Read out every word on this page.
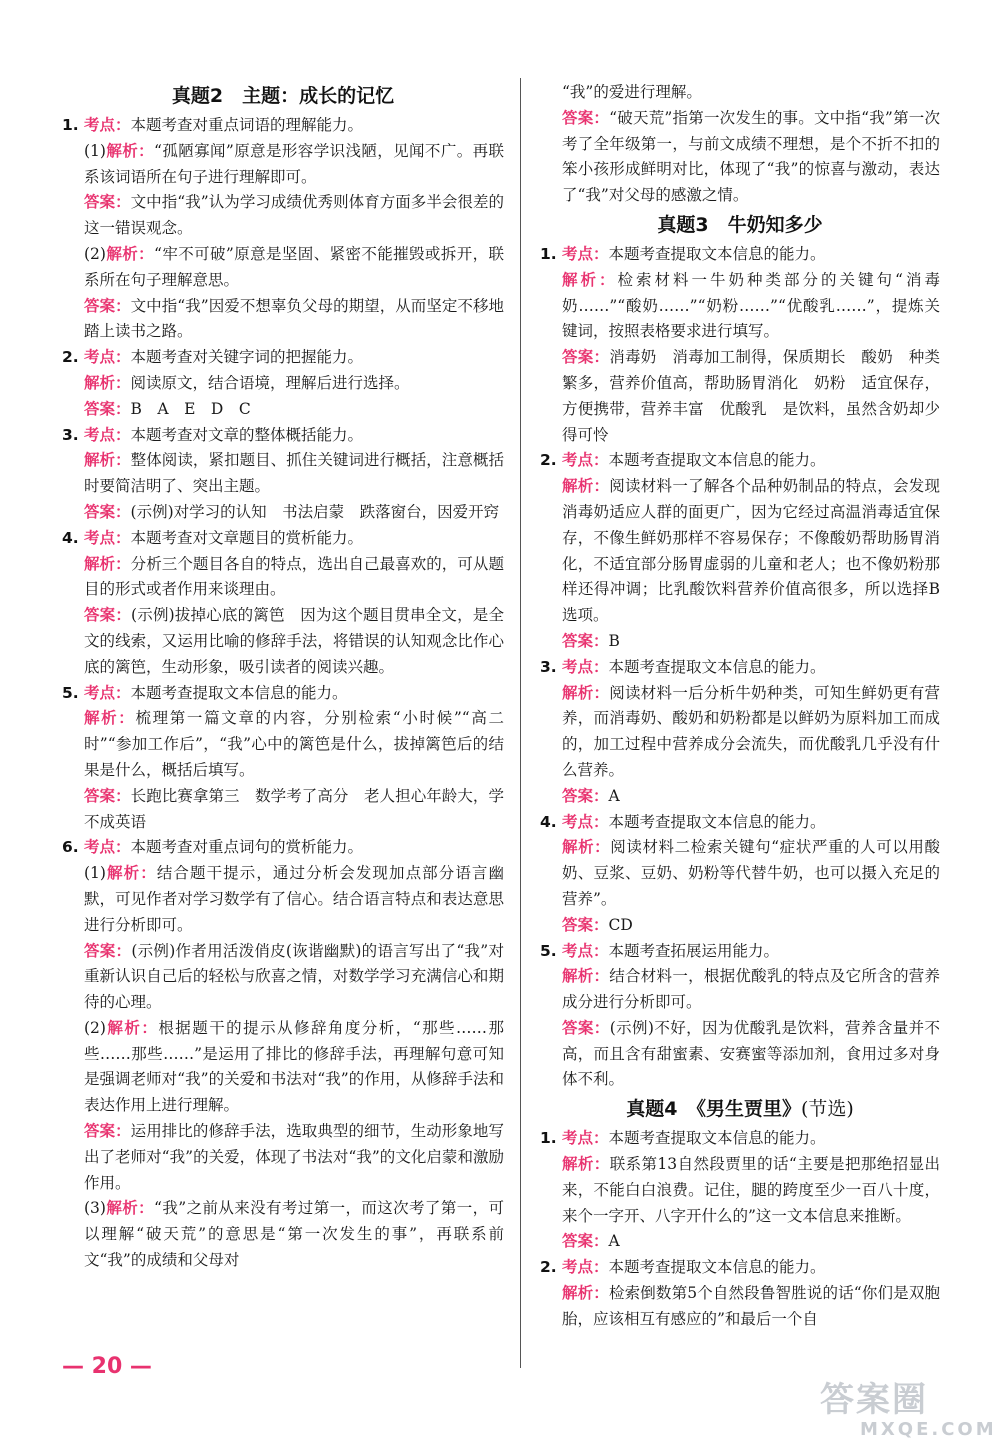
真题2　主题：成长的记忆
1. 考点：本题考查对重点词语的理解能力。
(1)解析：“孤陋寡闻”原意是形容学识浅陋，见闻不广。再联系该词语所在句子进行理解即可。
答案：文中指“我”认为学习成绩优秀则体育方面多半会很差的这一错误观念。
(2)解析：“牢不可破”原意是坚固、紧密不能摧毁或拆开，联系所在句子理解意思。
答案：文中指“我”因爱不想辜负父母的期望，从而坚定不移地踏上读书之路。
2. 考点：本题考查对关键字词的把握能力。
解析：阅读原文，结合语境，理解后进行选择。
答案：B　A　E　D　C
3. 考点：本题考查对文章的整体概括能力。
解析：整体阅读，紧扣题目、抓住关键词进行概括，注意概括时要简洁明了、突出主题。
答案：(示例)对学习的认知　书法启蒙　跌落窗台，因爱开窍
4. 考点：本题考查对文章题目的赏析能力。
解析：分析三个题目各自的特点，选出自己最喜欢的，可从题目的形式或者作用来谈理由。
答案：(示例)拔掉心底的篱笆　因为这个题目贯串全文，是全文的线索，又运用比喻的修辞手法，将错误的认知观念比作心底的篱笆，生动形象，吸引读者的阅读兴趣。
5. 考点：本题考查提取文本信息的能力。
解析：梳理第一篇文章的内容，分别检索“小时候”“高二时”“参加工作后”，“我”心中的篱笆是什么，拔掉篱笆后的结果是什么，概括后填写。
答案：长跑比赛拿第三　数学考了高分　老人担心年龄大，学不成英语
6. 考点：本题考查对重点词句的赏析能力。
(1)解析：结合题干提示，通过分析会发现加点部分语言幽默，可见作者对学习数学有了信心。结合语言特点和表达意思进行分析即可。
答案：(示例)作者用活泼俏皮(诙谐幽默)的语言写出了“我”对重新认识自己后的轻松与欣喜之情，对数学学习充满信心和期待的心理。
(2)解析：根据题干的提示从修辞角度分析，“那些……那些……那些……”是运用了排比的修辞手法，再理解句意可知是强调老师对“我”的关爱和书法对“我”的作用，从修辞手法和表达作用上进行理解。
答案：运用排比的修辞手法，选取典型的细节，生动形象地写出了老师对“我”的关爱，体现了书法对“我”的文化启蒙和激励作用。
(3)解析：“我”之前从来没有考过第一，而这次考了第一，可以理解“破天荒”的意思是“第一次发生的事”，再联系前文“我”的成绩和父母对
“我”的爱进行理解。
答案：“破天荒”指第一次发生的事。文中指“我”第一次考了全年级第一，与前文成绩不理想，是个不折不扣的笨小孩形成鲜明对比，体现了“我”的惊喜与激动，表达了“我”对父母的感激之情。
真题3　牛奶知多少
1. 考点：本题考查提取文本信息的能力。
解析：检索材料一牛奶种类部分的关键句“消毒奶……”“酸奶……”“奶粉……”“优酸乳……”，提炼关键词，按照表格要求进行填写。
答案：消毒奶　消毒加工制得，保质期长　酸奶　种类繁多，营养价值高，帮助肠胃消化　奶粉　适宜保存，方便携带，营养丰富　优酸乳　是饮料，虽然含奶却少得可怜
2. 考点：本题考查提取文本信息的能力。
解析：阅读材料一了解各个品种奶制品的特点，会发现消毒奶适应人群的面更广，因为它经过高温消毒适宜保存，不像生鲜奶那样不容易保存；不像酸奶帮助肠胃消化，不适宜部分肠胃虚弱的儿童和老人；也不像奶粉那样还得冲调；比乳酸饮料营养价值高很多，所以选择B选项。
答案：B
3. 考点：本题考查提取文本信息的能力。
解析：阅读材料一后分析牛奶种类，可知生鲜奶更有营养，而消毒奶、酸奶和奶粉都是以鲜奶为原料加工而成的，加工过程中营养成分会流失，而优酸乳几乎没有什么营养。
答案：A
4. 考点：本题考查提取文本信息的能力。
解析：阅读材料二检索关键句“症状严重的人可以用酸奶、豆浆、豆奶、奶粉等代替牛奶，也可以摄入充足的营养”。
答案：CD
5. 考点：本题考查拓展运用能力。
解析：结合材料一，根据优酸乳的特点及它所含的营养成分进行分析即可。
答案：(示例)不好，因为优酸乳是饮料，营养含量并不高，而且含有甜蜜素、安赛蜜等添加剂，食用过多对身体不利。
真题4　《男生贾里》(节选)
1. 考点：本题考查提取文本信息的能力。
解析：联系第13自然段贾里的话“主要是把那绝招显出来，不能白白浪费。记住，腿的跨度至少一百八十度，来个一字开、八字开什么的”这一文本信息来推断。
答案：A
2. 考点：本题考查提取文本信息的能力。
解析：检索倒数第5个自然段鲁智胜说的话“你们是双胞胎，应该相互有感应的”和最后一个自
— 20 —
答案圈
MXQE.COM
